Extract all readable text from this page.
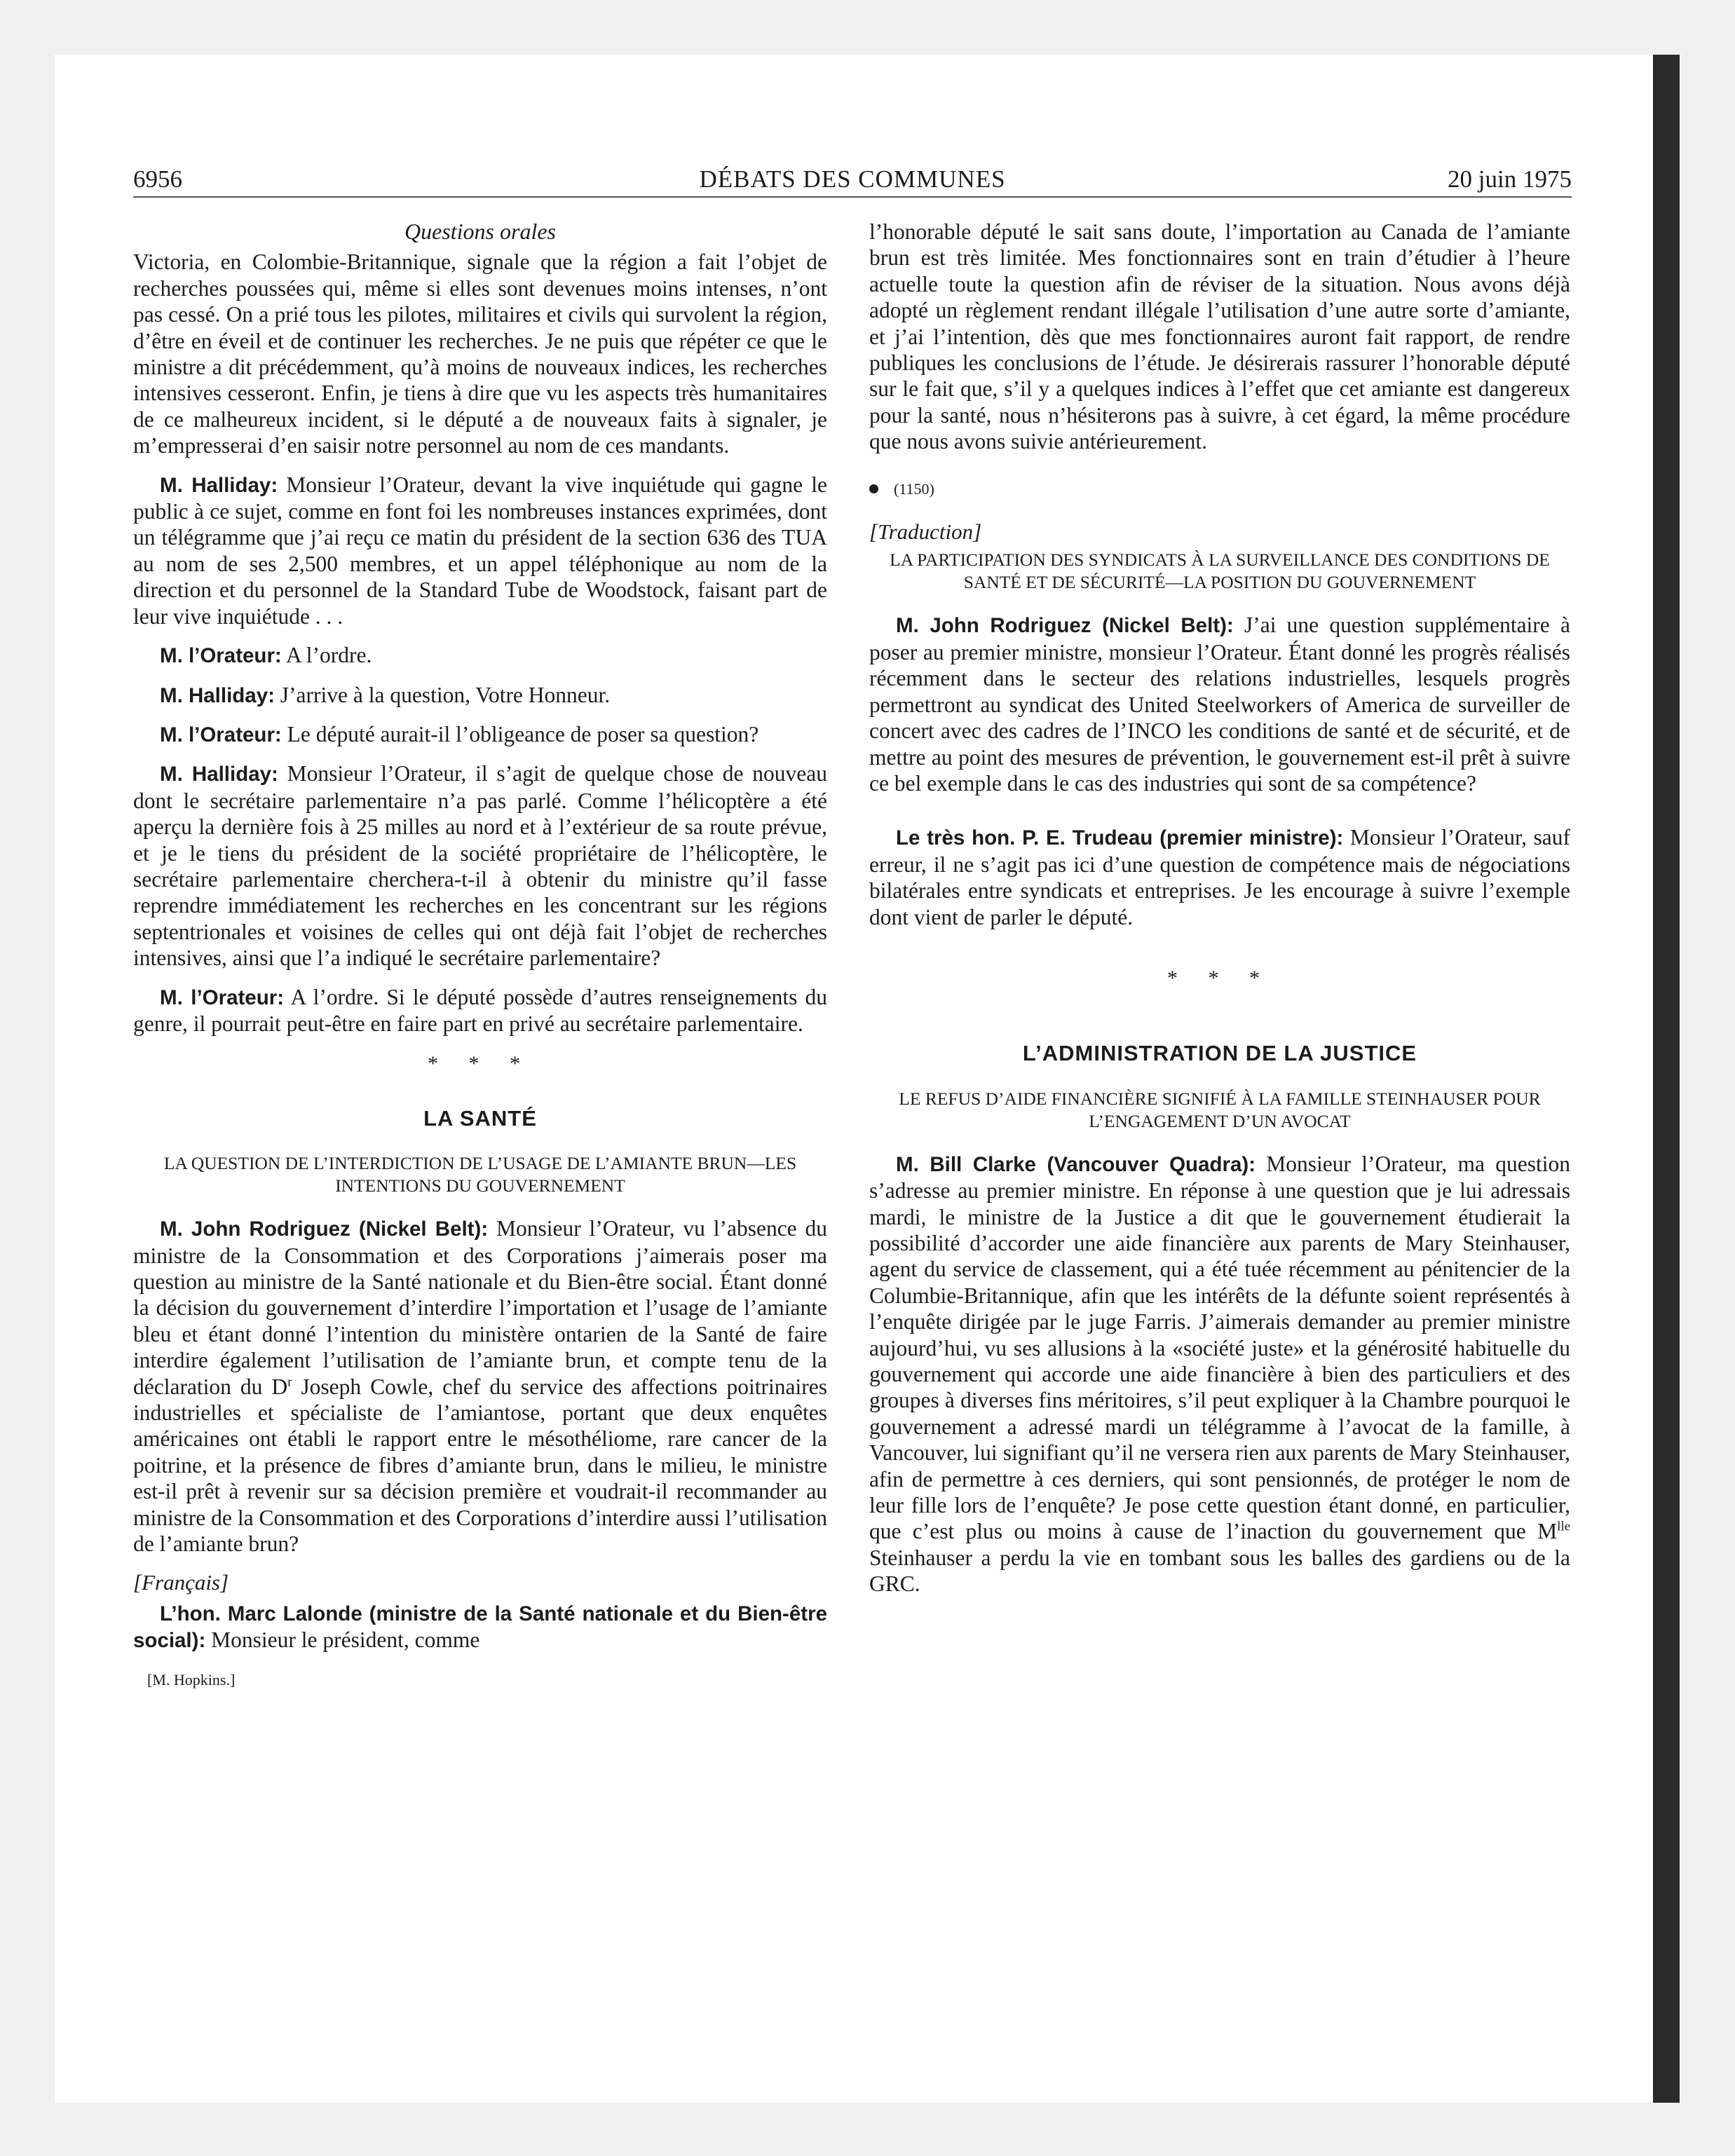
6956	DÉBATS DES COMMUNES	20 juin 1975
Questions orales

Victoria, en Colombie-Britannique, signale que la région a fait l’objet de recherches poussées qui, même si elles sont devenues moins intenses, n’ont pas cessé. On a prié tous les pilotes, militaires et civils qui survolent la région, d’être en éveil et de continuer les recherches. Je ne puis que répéter ce que le ministre a dit précédemment, qu’à moins de nouveaux indices, les recherches intensives cesseront. Enfin, je tiens à dire que vu les aspects très humanitaires de ce malheureux incident, si le député a de nouveaux faits à signaler, je m’empresserai d’en saisir notre personnel au nom de ces mandants.

M. Halliday: Monsieur l’Orateur, devant la vive inquiétude qui gagne le public à ce sujet, comme en font foi les nombreuses instances exprimées, dont un télégramme que j’ai reçu ce matin du président de la section 636 des TUA au nom de ses 2,500 membres, et un appel téléphonique au nom de la direction et du personnel de la Standard Tube de Woodstock, faisant part de leur vive inquiétude . . .

M. l’Orateur: A l’ordre.

M. Halliday: J’arrive à la question, Votre Honneur.

M. l’Orateur: Le député aurait-il l’obligeance de poser sa question?

M. Halliday: Monsieur l’Orateur, il s’agit de quelque chose de nouveau dont le secrétaire parlementaire n’a pas parlé. Comme l’hélicoptère a été aperçu la dernière fois à 25 milles au nord et à l’extérieur de sa route prévue, et je le tiens du président de la société propriétaire de l’hélicoptère, le secrétaire parlementaire cherchera-t-il à obtenir du ministre qu’il fasse reprendre immédiatement les recherches en les concentrant sur les régions septentrionales et voisines de celles qui ont déjà fait l’objet de recherches intensives, ainsi que l’a indiqué le secrétaire parlementaire?

M. l’Orateur: A l’ordre. Si le député possède d’autres renseignements du genre, il pourrait peut-être en faire part en privé au secrétaire parlementaire.

* * *
LA SANTÉ
LA QUESTION DE L’INTERDICTION DE L’USAGE DE L’AMIANTE BRUN—LES INTENTIONS DU GOUVERNEMENT

M. John Rodriguez (Nickel Belt): Monsieur l’Orateur, vu l’absence du ministre de la Consommation et des Corporations j’aimerais poser ma question au ministre de la Santé nationale et du Bien-être social. Étant donné la décision du gouvernement d’interdire l’importation et l’usage de l’amiante bleu et étant donné l’intention du ministère ontarien de la Santé de faire interdire également l’utilisation de l’amiante brun, et compte tenu de la déclaration du $D^r$ Joseph Cowle, chef du service des affections poitrinaires industrielles et spécialiste de l’amiantose, portant que deux enquêtes américaines ont établi le rapport entre le mésothéliome, rare cancer de la poitrine, et la présence de fibres d’amiante brun, dans le milieu, le ministre est-il prêt à revenir sur sa décision première et voudrait-il recommander au ministre de la Consommation et des Corporations d’interdire aussi l’utilisation de l’amiante brun?

[Français]

L’hon. Marc Lalonde (ministre de la Santé nationale et du Bien-être social): Monsieur le président, comme

[M. Hopkins.]

l’honorable député le sait sans doute, l’importation au Canada de l’amiante brun est très limitée. Mes fonctionnaires sont en train d’étudier à l’heure actuelle toute la question afin de réviser de la situation. Nous avons déjà adopté un règlement rendant illégale l’utilisation d’une autre sorte d’amiante, et j’ai l’intention, dès que mes fonctionnaires auront fait rapport, de rendre publiques les conclusions de l’étude. Je désirerais rassurer l’honorable député sur le fait que, s’il y a quelques indices à l’effet que cet amiante est dangereux pour la santé, nous n’hésiterons pas à suivre, à cet égard, la même procédure que nous avons suivie antérieurement.

(1150)
[Traduction]
LA PARTICIPATION DES SYNDICATS À LA SURVEILLANCE DES CONDITIONS DE SANTÉ ET DE SÉCURITÉ—LA POSITION DU GOUVERNEMENT

M. John Rodriguez (Nickel Belt): J’ai une question supplémentaire à poser au premier ministre, monsieur l’Orateur. Étant donné les progrès réalisés récemment dans le secteur des relations industrielles, lesquels progrès permettront au syndicat des United Steelworkers of America de surveiller de concert avec des cadres de l’INCO les conditions de santé et de sécurité, et de mettre au point des mesures de prévention, le gouvernement est-il prêt à suivre ce bel exemple dans le cas des industries qui sont de sa compétence?

Le très hon. P. E. Trudeau (premier ministre): Monsieur l’Orateur, sauf erreur, il ne s’agit pas ici d’une question de compétence mais de négociations bilatérales entre syndicats et entreprises. Je les encourage à suivre l’exemple dont vient de parler le député.

* * *
L’ADMINISTRATION DE LA JUSTICE
LE REFUS D’AIDE FINANCIÈRE SIGNIFIÉ À LA FAMILLE STEINHAUSER POUR L’ENGAGEMENT D’UN AVOCAT

M. Bill Clarke (Vancouver Quadra): Monsieur l’Orateur, ma question s’adresse au premier ministre. En réponse à une question que je lui adressais mardi, le ministre de la Justice a dit que le gouvernement étudierait la possibilité d’accorder une aide financière aux parents de Mary Steinhauser, agent du service de classement, qui a été tuée récemment au pénitencier de la Columbie-Britannique, afin que les intérêts de la défunte soient représentés à l’enquête dirigée par le juge Farris. J’aimerais demander au premier ministre aujourd’hui, vu ses allusions à la «société juste» et la générosité habituelle du gouvernement qui accorde une aide financière à bien des particuliers et des groupes à diverses fins méritoires, s’il peut expliquer à la Chambre pourquoi le gouvernement a adressé mardi un télégramme à l’avocat de la famille, à Vancouver, lui signifiant qu’il ne versera rien aux parents de Mary Steinhauser, afin de permettre à ces derniers, qui sont pensionnés, de protéger le nom de leur fille lors de l’enquête? Je pose cette question étant donné, en particulier, que c’est plus ou moins à cause de l’inaction du gouvernement que $M^{lle}$ Steinhauser a perdu la vie en tombant sous les balles des gardiens ou de la GRC.
